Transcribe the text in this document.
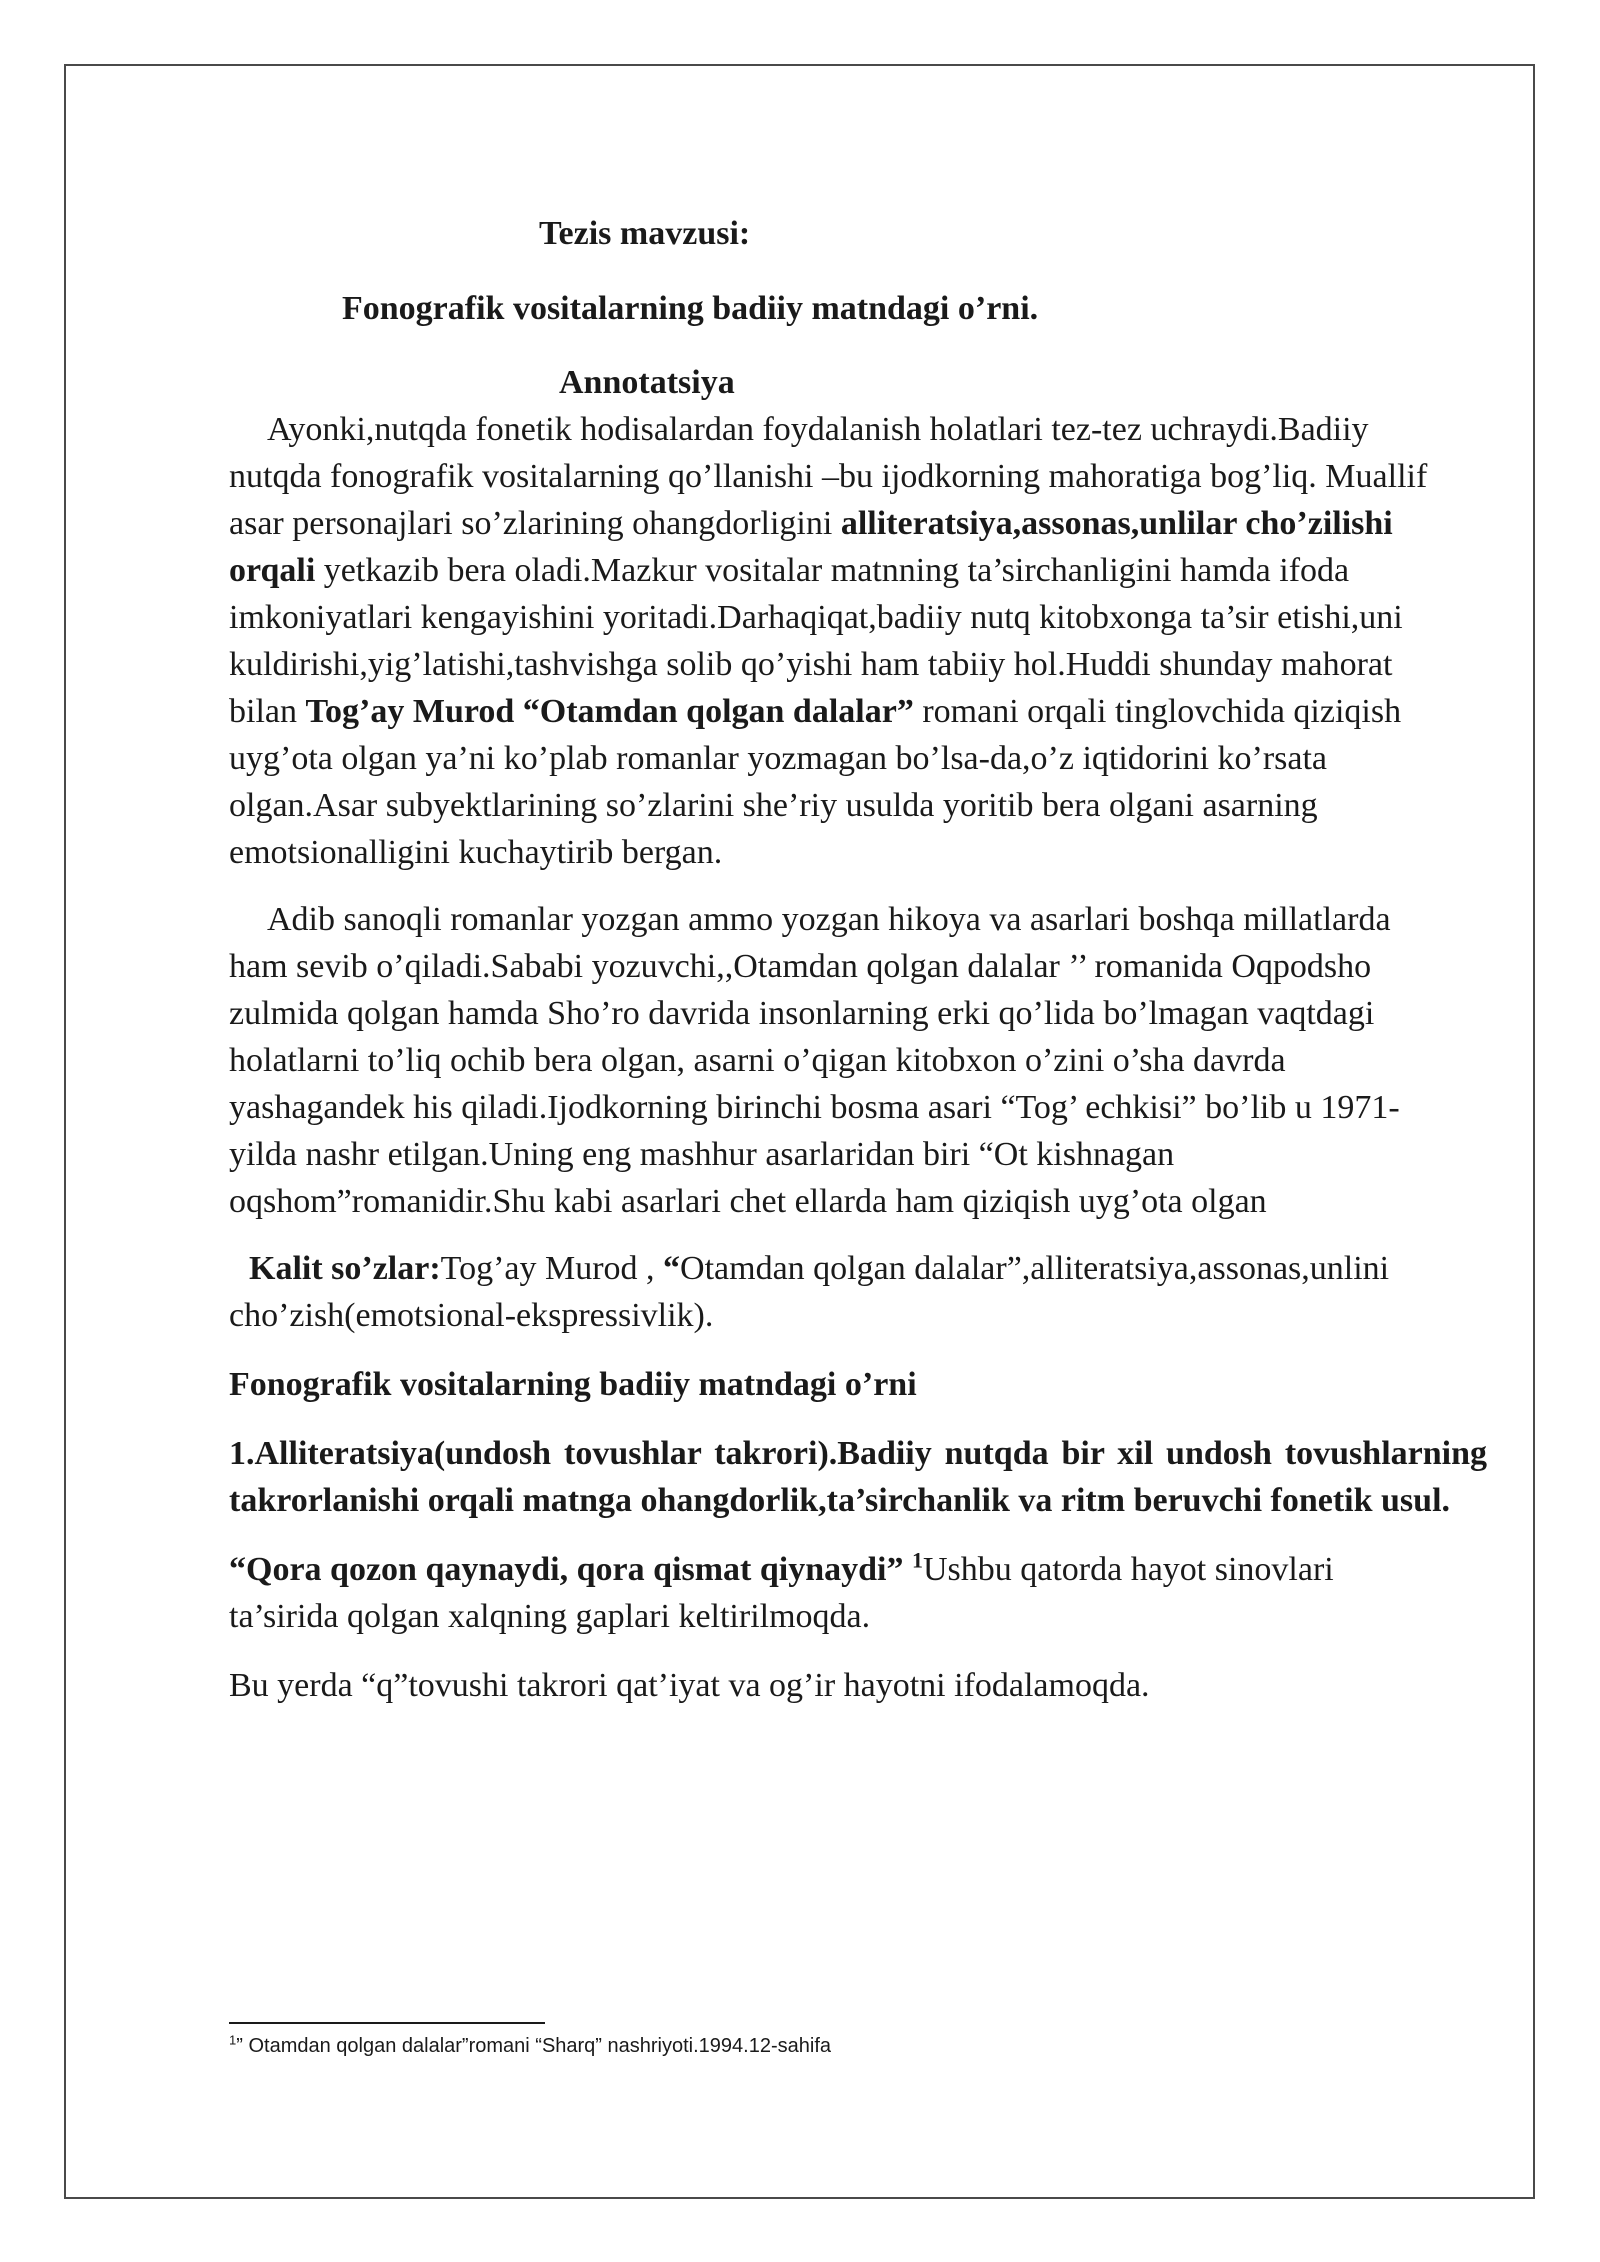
Tezis mavzusi:

Fonografik vositalarning badiiy matndagi o’rni.

Annotatsiya

Ayonki,nutqda fonetik hodisalardan foydalanish holatlari tez-tez uchraydi.Badiiy nutqda fonografik vositalarning qo’llanishi –bu ijodkorning mahoratiga bog’liq. Muallif asar personajlari so’zlarining ohangdorligini alliteratsiya,assonas,unlilar cho’zilishi orqali yetkazib bera oladi.Mazkur vositalar matnning ta’sirchanligini hamda ifoda imkoniyatlari kengayishini yoritadi.Darhaqiqat,badiiy nutq kitobxonga ta’sir etishi,uni kuldirishi,yig’latishi,tashvishga solib qo’yishi ham tabiiy hol.Huddi shunday mahorat bilan Tog’ay Murod “Otamdan qolgan dalalar” romani orqali tinglovchida qiziqish uyg’ota olgan ya’ni ko’plab romanlar yozmagan bo’lsa-da,o’z iqtidorini ko’rsata olgan.Asar subyektlarining so’zlarini she’riy usulda yoritib bera olgani asarning emotsionalligini kuchaytirib bergan.

Adib sanoqli romanlar yozgan ammo yozgan hikoya va asarlari boshqa millatlarda ham sevib o’qiladi.Sababi yozuvchi,,Otamdan qolgan dalalar ’’ romanida Oqpodsho zulmida qolgan hamda Sho’ro davrida insonlarning erki qo’lida bo’lmagan vaqtdagi holatlarni to’liq ochib bera olgan, asarni o’qigan kitobxon o’zini o’sha davrda yashagandek his qiladi.Ijodkorning birinchi bosma asari “Tog’ echkisi” bo’lib u 1971-yilda nashr etilgan.Uning eng mashhur asarlaridan biri “Ot kishnagan oqshom”romanidir.Shu kabi asarlari chet ellarda ham qiziqish uyg’ota olgan

Kalit so’zlar:Tog’ay Murod , “Otamdan qolgan dalalar”,alliteratsiya,assonas,unlini cho’zish(emotsional-ekspressivlik).

Fonografik vositalarning badiiy matndagi o’rni

1.Alliteratsiya(undosh tovushlar takrori).Badiiy nutqda bir xil undosh tovushlarning takrorlanishi orqali matnga ohangdorlik,ta’sirchanlik va ritm beruvchi fonetik usul.

“Qora qozon qaynaydi, qora qismat qiynaydi” $^1$Ushbu qatorda hayot sinovlari ta’sirida qolgan xalqning gaplari keltirilmoqda.

Bu yerda “q”tovushi takrori qat’iyat va og’ir hayotni ifodalamoqda.

$^1$” Otamdan qolgan dalalar”romani “Sharq” nashriyoti.1994.12-sahifa
